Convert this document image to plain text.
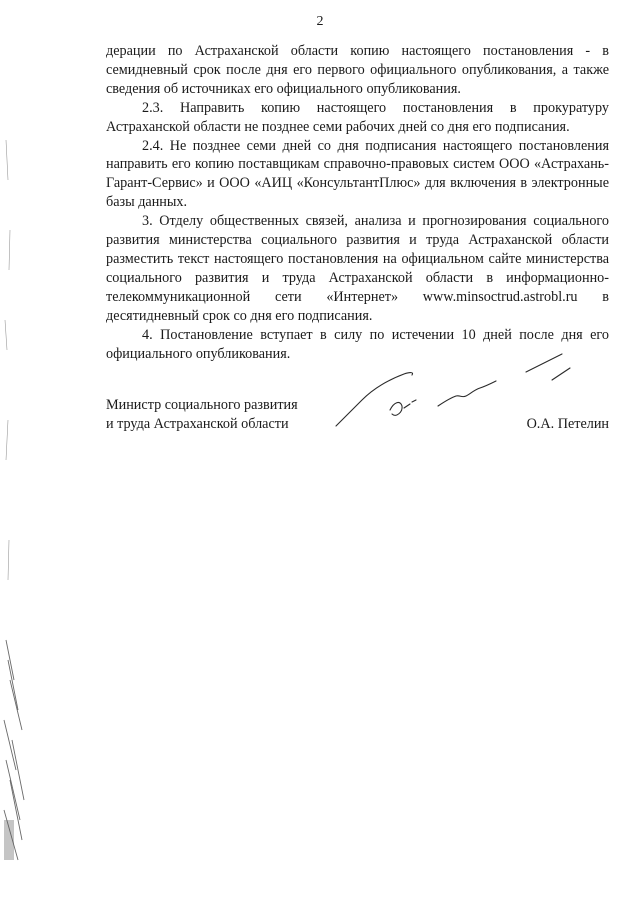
2

дерации по Астраханской области копию настоящего постановления - в семидневный срок после дня его первого официального опубликования, а также сведения об источниках его официального опубликования.

2.3. Направить копию настоящего постановления в прокуратуру Астраханской области не позднее семи рабочих дней со дня его подписания.

2.4. Не позднее семи дней со дня подписания настоящего постановления направить его копию поставщикам справочно-правовых систем ООО «Астрахань-Гарант-Сервис» и ООО «АИЦ «КонсультантПлюс» для включения в электронные базы данных.

3. Отделу общественных связей, анализа и прогнозирования социального развития министерства социального развития и труда Астраханской области разместить текст настоящего постановления на официальном сайте министерства социального развития и труда Астраханской области в информационно-телекоммуникационной сети «Интернет» www.minsoctrud.astrobl.ru в десятидневный срок со дня его подписания.

4. Постановление вступает в силу по истечении 10 дней после дня его официального опубликования.

Министр социального развития
и труда Астраханской области	О.А. Петелин
